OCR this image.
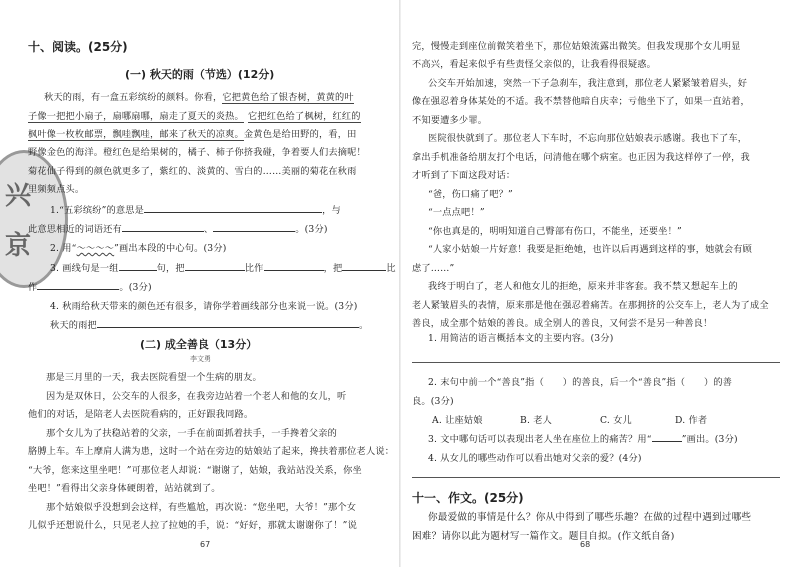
兴
京
十、阅读。(25分)
(一) 秋天的雨（节选）(12分)
秋天的雨，有一盒五彩缤纷的颜料。你看，它把黄色给了银杏树，黄黄的叶
子像一把把小扇子，扇哪扇哪，扇走了夏天的炎热。 它把红色给了枫树，红红的
枫叶像一枚枚邮票，飘哇飘哇，邮来了秋天的凉爽。金黄色是给田野的，看，田
野像金色的海洋。橙红色是给果树的，橘子、柿子你挤我碰，争着要人们去摘呢！
菊花仙子得到的颜色就更多了，紫红的、淡黄的、雪白的……美丽的菊花在秋雨
里频频点头。
1.“五彩缤纷”的意思是	，与
此意思相近的词语还有	、	。(3分)
2. 用“～～～～”画出本段的中心句。(3分)
3. 画线句是一组	句，把	比作	，把	比
作	。(3分)
4. 秋雨给秋天带来的颜色还有很多，请你学着画线部分也来说一说。(3分)
秋天的雨把	。
(二) 成全善良（13分）
李文勇
那是三月里的一天，我去医院看望一个生病的朋友。
因为是双休日，公交车的人很多，在我旁边站着一个老人和他的女儿，听
他们的对话，是陪老人去医院看病的，正好跟我同路。
那个女儿为了扶稳站着的父亲，一手在前面抓着扶手，一手搀着父亲的
胳膊上车。车上摩肩人满为患，这时一个站在旁边的姑娘站了起来，搀扶着那位老人说：
“大爷，您来这里坐吧！”可那位老人却说：“谢谢了，姑娘，我站站没关系，你坐
坐吧！”看得出父亲身体硬朗着，站站就到了。
那个姑娘似乎没想到会这样，有些尴尬，再次说：“您坐吧，大爷！”那个女
儿似乎还想说什么，只见老人拉了拉她的手，说：“好好，那就太谢谢你了！”说
67
完，慢慢走到座位前微笑着坐下，那位姑娘流露出微笑。但我发现那个女儿明显
不高兴，看起来似乎有些责怪父亲似的，让我看得很疑惑。
公交车开始加速，突然一下子急刹车，我注意到，那位老人紧紧皱着眉头，好
像在强忍着身体某处的不适。我不禁替他暗自庆幸；亏他坐下了，如果一直站着，
不知要遭多少罪。
医院很快就到了。那位老人下车时，不忘向那位姑娘表示感谢。我也下了车，
拿出手机准备给朋友打个电话，问清他在哪个病室。也正因为我这样停了一停，我
才听到了下面这段对话：
“爸，伤口痛了吧？”
“一点点吧！”
“你也真是的，明明知道自己臀部有伤口，不能坐，还要坐！”
“人家小姑娘一片好意！我要是拒绝她，也许以后再遇到这样的事，她就会有顾
虑了……”
我终于明白了，老人和他女儿的拒绝，原来并非客套。我不禁又想起车上的
老人紧皱眉头的表情，原来那是他在强忍着痛苦。在那拥挤的公交车上，老人为了成全
善良，成全那个姑娘的善良。成全别人的善良，又何尝不是另一种善良！
1. 用简洁的语言概括本文的主要内容。(3分)
2. 末句中前一个“善良”指（　　）的善良，后一个“善良”指（　　）的善
良。(3分)
A. 让座姑娘	B. 老人	C. 女儿	D. 作者
3. 文中哪句话可以表现出老人坐在座位上的痛苦？用“	”画出。(3分)
4. 从女儿的哪些动作可以看出她对父亲的爱？(4分)
十一、作文。(25分)
你最爱做的事情是什么？你从中得到了哪些乐趣？在做的过程中遇到过哪些
困难？请你以此为题材写一篇作文。题目自拟。(作文纸自备)
68
